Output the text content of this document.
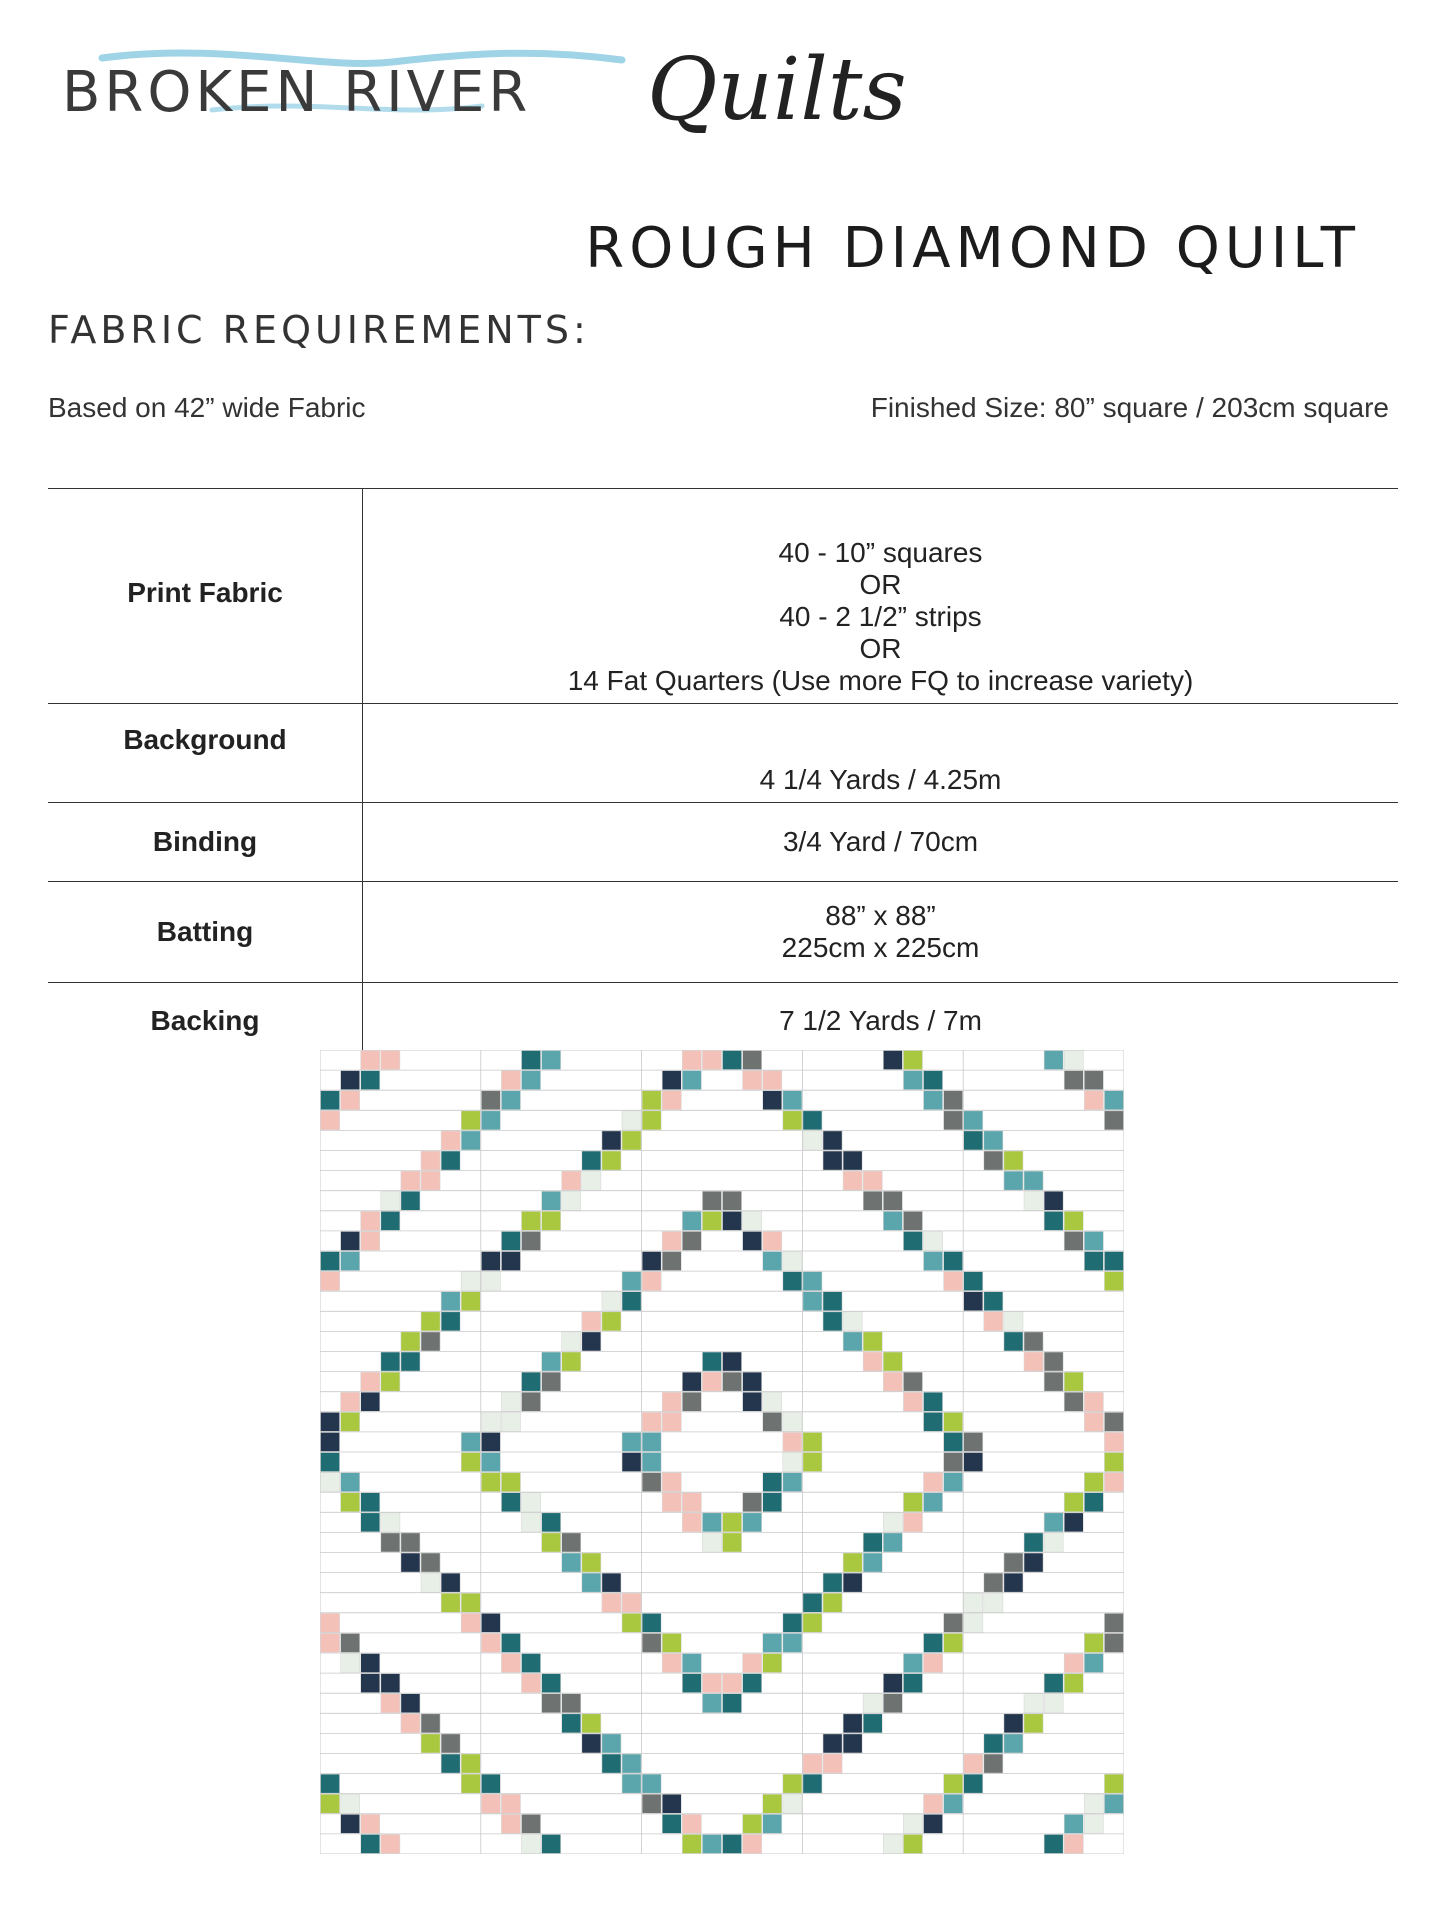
BROKEN RIVER Quilts
ROUGH DIAMOND QUILT
FABRIC REQUIREMENTS:
Based on 42” wide Fabric	Finished Size: 80” square / 203cm square
Print Fabric	40 - 10” squares
OR
40 - 2 1/2” strips
OR
14 Fat Quarters (Use more FQ to increase variety)

Background	4 1/4 Yards / 4.25m

Binding	3/4 Yard / 70cm

Batting	88” x 88”
225cm x 225cm

Backing	7 1/2 Yards / 7m
